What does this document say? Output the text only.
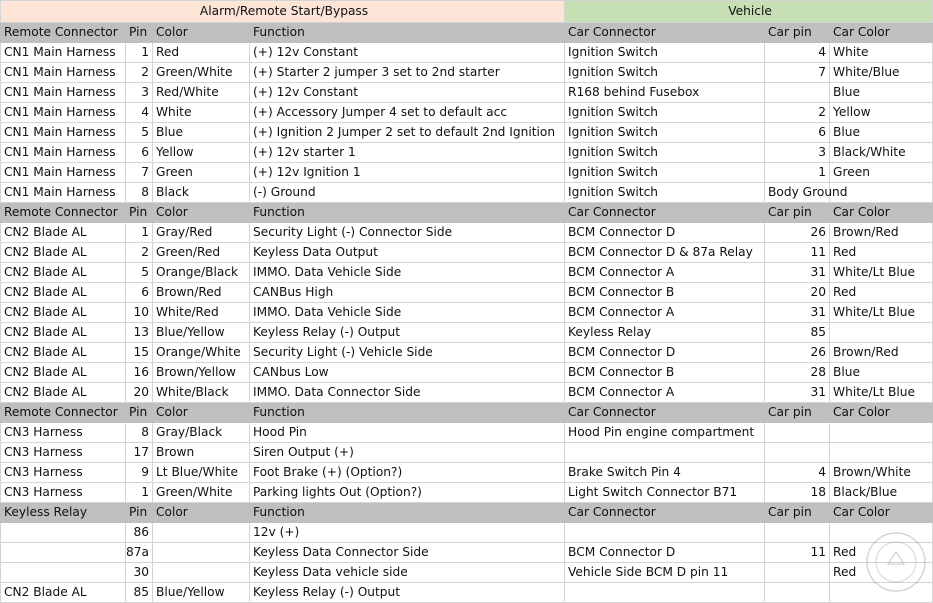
Alarm/Remote Start/Bypass				Vehicle		
Remote Connector	Pin	Color	Function	Car Connector	Car pin	Car Color
CN1 Main Harness	1	Red	(+) 12v Constant	Ignition Switch	4	White
CN1 Main Harness	2	Green/White	(+) Starter 2 jumper 3 set to 2nd starter	Ignition Switch	7	White/Blue
CN1 Main Harness	3	Red/White	(+) 12v Constant	R168 behind Fusebox		Blue
CN1 Main Harness	4	White	(+) Accessory Jumper 4 set to default acc	Ignition Switch	2	Yellow
CN1 Main Harness	5	Blue	(+) Ignition 2 Jumper 2 set to default 2nd Ignition	Ignition Switch	6	Blue
CN1 Main Harness	6	Yellow	(+) 12v starter 1	Ignition Switch	3	Black/White
CN1 Main Harness	7	Green	(+) 12v Ignition 1	Ignition Switch	1	Green
CN1 Main Harness	8	Black	(-) Ground	Ignition Switch	Body Ground	
Remote Connector	Pin	Color	Function	Car Connector	Car pin	Car Color
CN2 Blade AL	1	Gray/Red	Security Light (-) Connector Side	BCM Connector D	26	Brown/Red
CN2 Blade AL	2	Green/Red	Keyless Data Output	BCM Connector D & 87a Relay	11	Red
CN2 Blade AL	5	Orange/Black	IMMO. Data Vehicle Side	BCM Connector A	31	White/Lt Blue
CN2 Blade AL	6	Brown/Red	CANBus High	BCM Connector B	20	Red
CN2 Blade AL	10	White/Red	IMMO. Data Vehicle Side	BCM Connector A	31	White/Lt Blue
CN2 Blade AL	13	Blue/Yellow	Keyless Relay (-) Output	Keyless Relay	85	
CN2 Blade AL	15	Orange/White	Security Light (-) Vehicle Side	BCM Connector D	26	Brown/Red
CN2 Blade AL	16	Brown/Yellow	CANbus Low	BCM Connector B	28	Blue
CN2 Blade AL	20	White/Black	IMMO. Data Connector Side	BCM Connector A	31	White/Lt Blue
Remote Connector	Pin	Color	Function	Car Connector	Car pin	Car Color
CN3 Harness	8	Gray/Black	Hood Pin	Hood Pin engine compartment		
CN3 Harness	17	Brown	Siren Output (+)			
CN3 Harness	9	Lt Blue/White	Foot Brake (+) (Option?)	Brake Switch Pin 4	4	Brown/White
CN3 Harness	1	Green/White	Parking lights Out (Option?)	Light Switch Connector B71	18	Black/Blue
Keyless Relay	Pin	Color	Function	Car Connector	Car pin	Car Color
	86		12v (+)			
	87a		Keyless Data Connector Side	BCM Connector D	11	Red
	30		Keyless Data vehicle side	Vehicle Side BCM D pin 11		Red
CN2 Blade AL	85	Blue/Yellow	Keyless Relay (-) Output			
